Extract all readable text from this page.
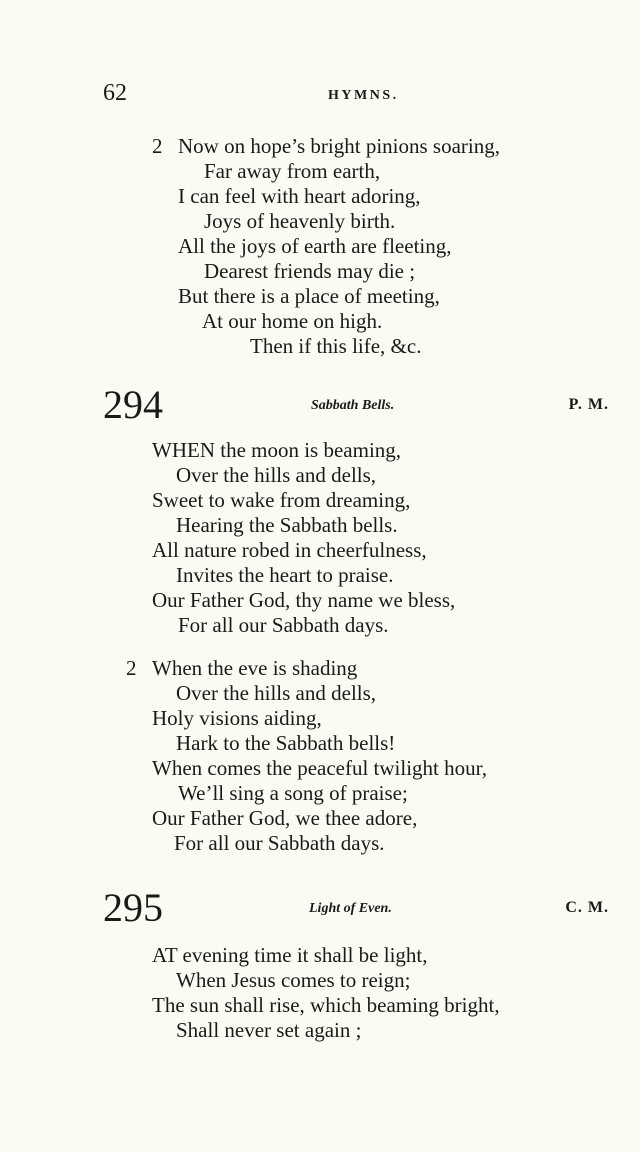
62	HYMNS.
2 Now on hope’s bright pinions soaring,
Far away from earth,
I can feel with heart adoring,
Joys of heavenly birth.
All the joys of earth are fleeting,
Dearest friends may die ;
But there is a place of meeting,
At our home on high.
Then if this life, &c.
294	Sabbath Bells.	P. M.
WHEN the moon is beaming,
Over the hills and dells,
Sweet to wake from dreaming,
Hearing the Sabbath bells.
All nature robed in cheerfulness,
Invites the heart to praise.
Our Father God, thy name we bless,
For all our Sabbath days.
2 When the eve is shading
Over the hills and dells,
Holy visions aiding,
Hark to the Sabbath bells!
When comes the peaceful twilight hour,
We’ll sing a song of praise;
Our Father God, we thee adore,
For all our Sabbath days.
295	Light of Even.	C. M.
AT evening time it shall be light,
When Jesus comes to reign;
The sun shall rise, which beaming bright,
Shall never set again ;
